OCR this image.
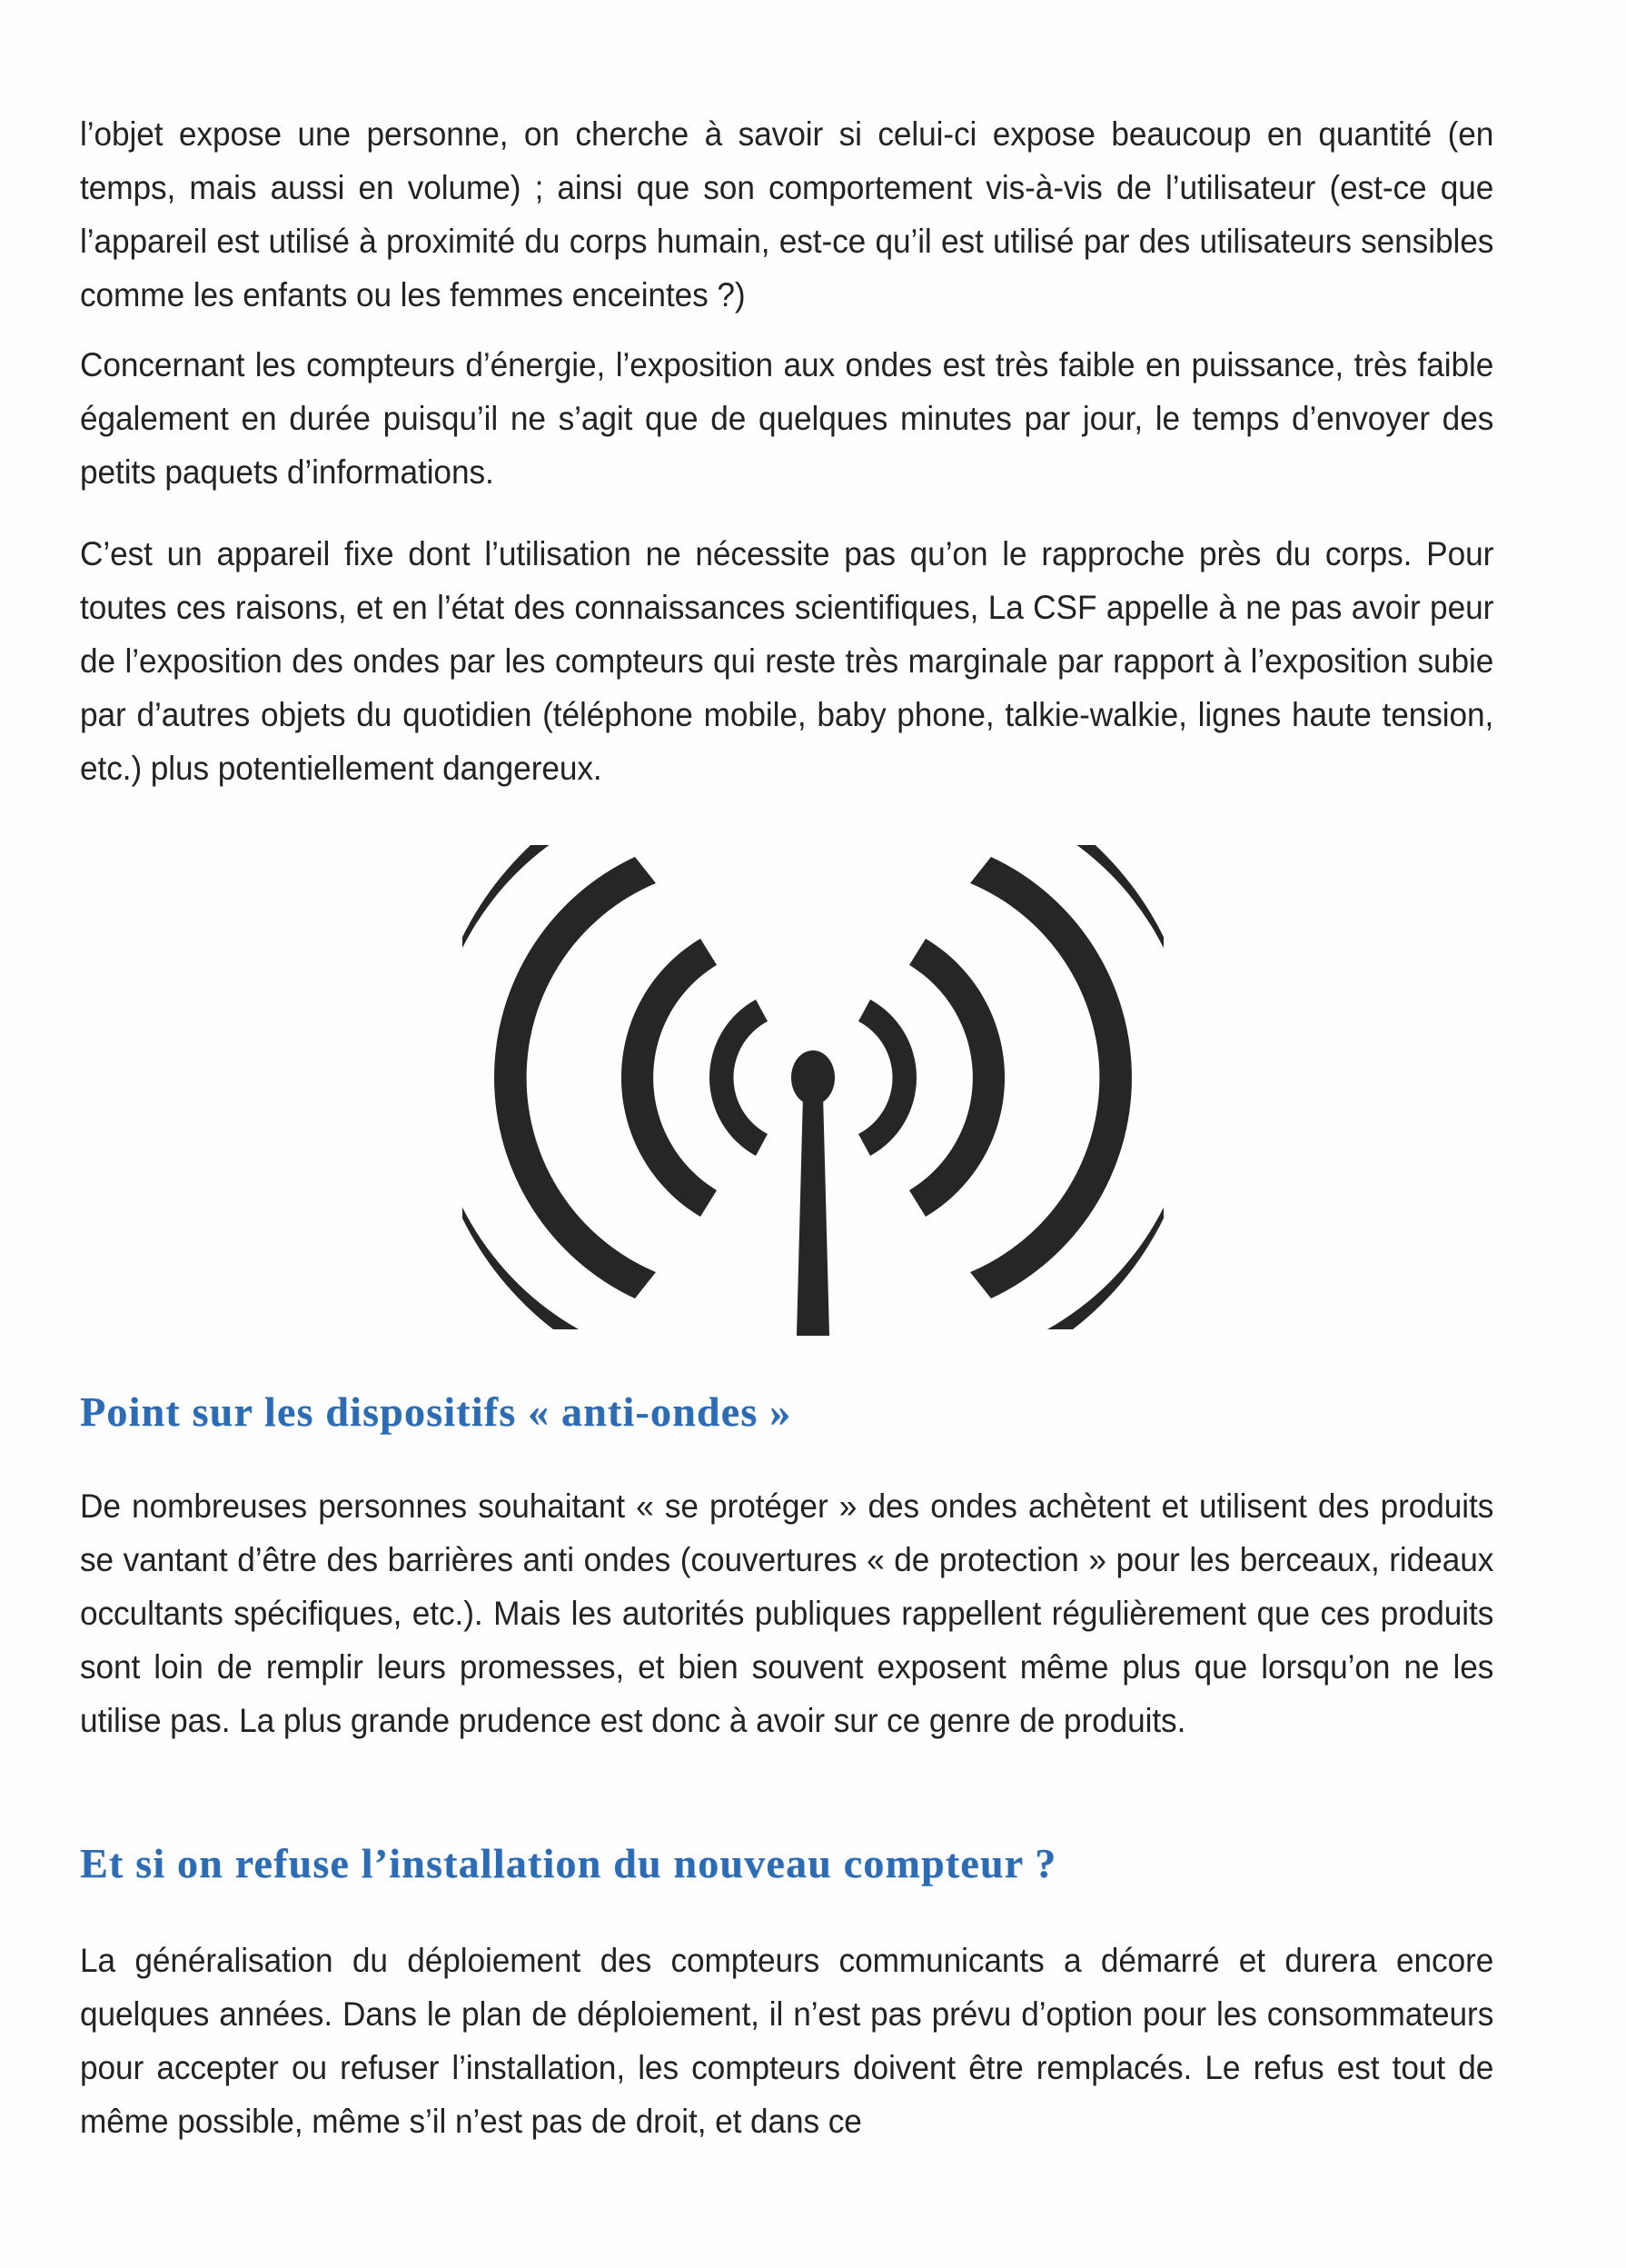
l’objet expose une personne, on cherche à savoir si celui-ci expose beaucoup en quantité (en temps, mais aussi en volume) ; ainsi que son comportement vis-à-vis de l’utilisateur (est-ce que l’appareil est utilisé à proximité du corps humain, est-ce qu’il est utilisé par des utilisateurs sensibles comme les enfants ou les femmes enceintes ?)

Concernant les compteurs d’énergie, l’exposition aux ondes est très faible en puissance, très faible également en durée puisqu’il ne s’agit que de quelques minutes par jour, le temps d’envoyer des petits paquets d’informations.

C’est un appareil fixe dont l’utilisation ne nécessite pas qu’on le rapproche près du corps. Pour toutes ces raisons, et en l’état des connaissances scientifiques, La CSF appelle à ne pas avoir peur de l’exposition des ondes par les compteurs qui reste très marginale par rapport à l’exposition subie par d’autres objets du quotidien (téléphone mobile, baby phone, talkie-walkie, lignes haute tension, etc.) plus potentiellement dangereux.

Point sur les dispositifs « anti-ondes »

De nombreuses personnes souhaitant « se protéger » des ondes achètent et utilisent des produits se vantant d’être des barrières anti ondes (couvertures « de protection » pour les berceaux, rideaux occultants spécifiques, etc.). Mais les autorités publiques rappellent régulièrement que ces produits sont loin de remplir leurs promesses, et bien souvent exposent même plus que lorsqu’on ne les utilise pas. La plus grande prudence est donc à avoir sur ce genre de produits.

Et si on refuse l’installation du nouveau compteur ?

La généralisation du déploiement des compteurs communicants a démarré et durera encore quelques années. Dans le plan de déploiement, il n’est pas prévu d’option pour les consommateurs pour accepter ou refuser l’installation, les compteurs doivent être remplacés. Le refus est tout de même possible, même s’il n’est pas de droit, et dans ce
